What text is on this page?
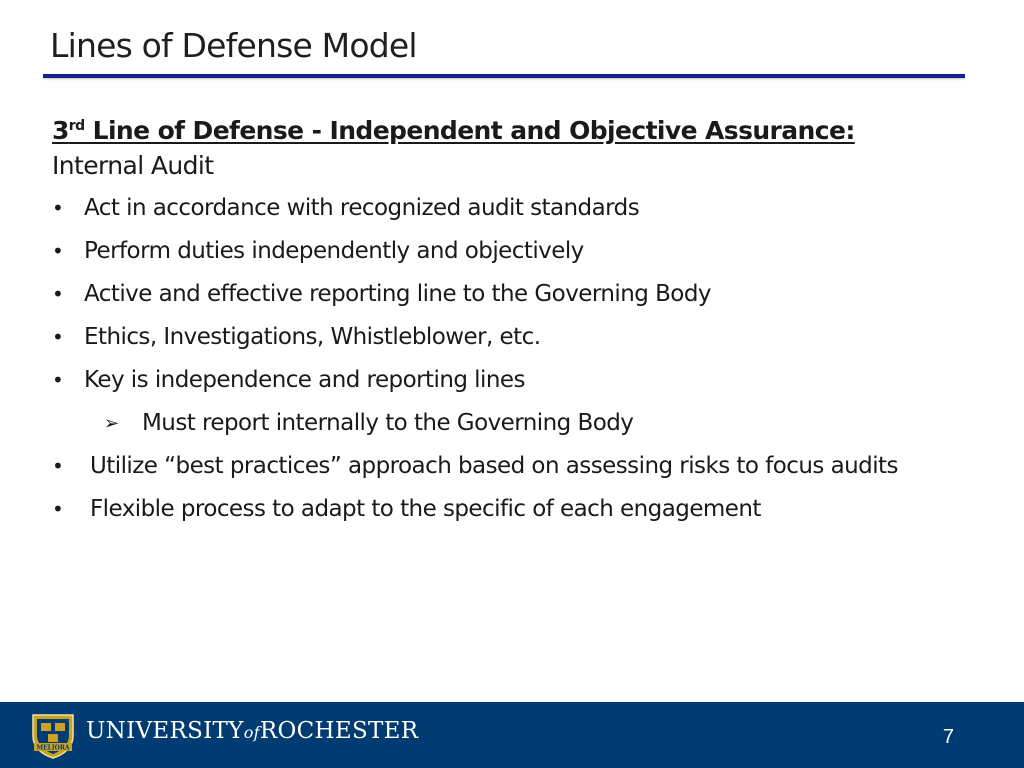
Lines of Defense Model
3rd Line of Defense - Independent and Objective Assurance: Internal Audit
• Act in accordance with recognized audit standards
• Perform duties independently and objectively
• Active and effective reporting line to the Governing Body
• Ethics, Investigations, Whistleblower, etc.
• Key is independence and reporting lines
➢ Must report internally to the Governing Body
• Utilize “best practices” approach based on assessing risks to focus audits
• Flexible process to adapt to the specific of each engagement
MELIORA
UNIVERSITYofROCHESTER	7
